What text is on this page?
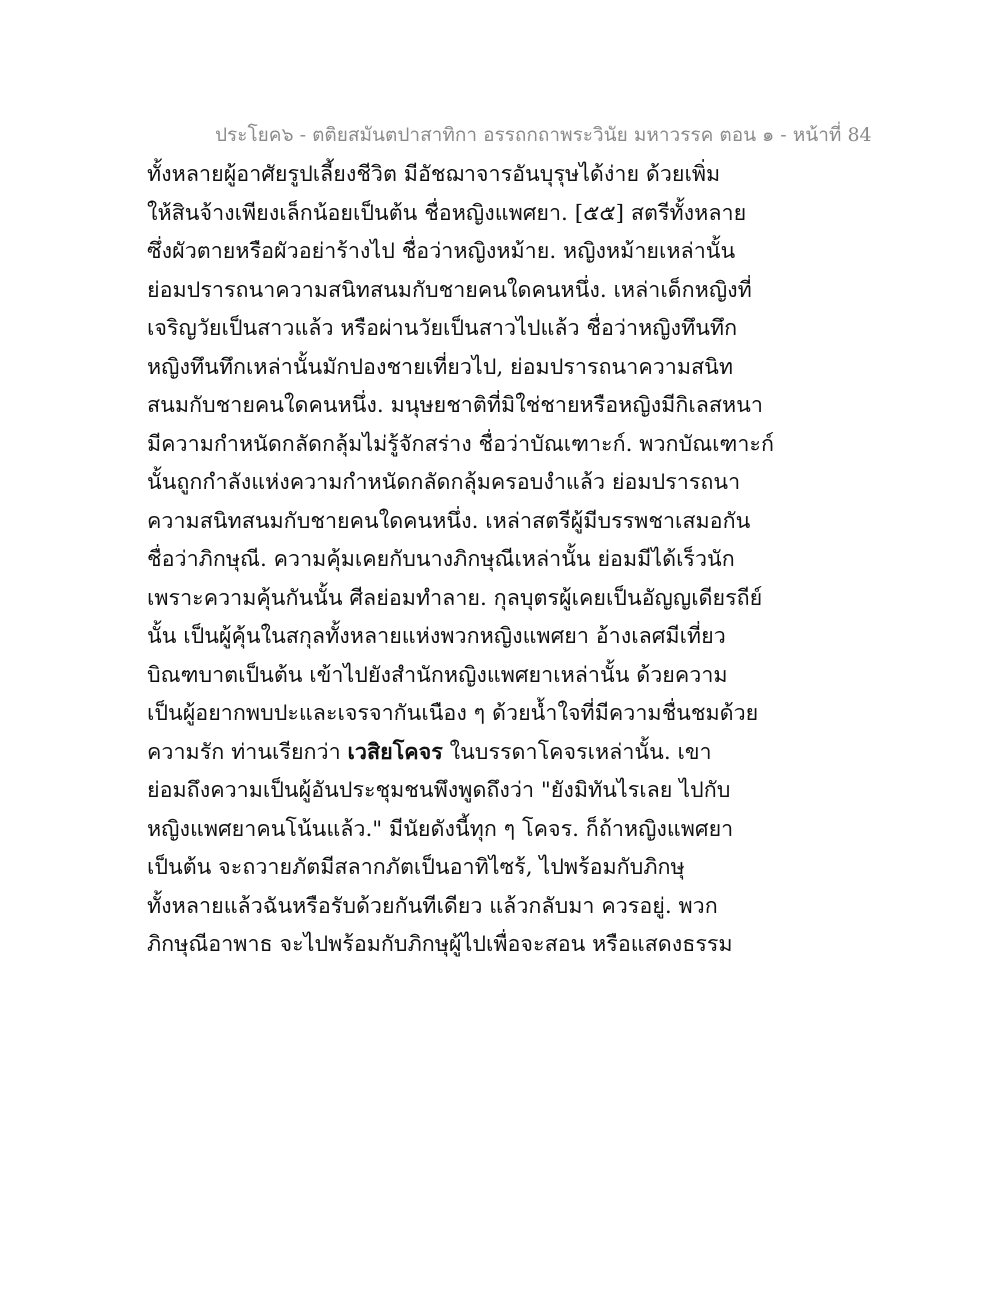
ประโยค๖ - ตติยสมันตปาสาทิกา อรรถกถาพระวินัย มหาวรรค ตอน ๑ - หน้าที่ 84
ทั้งหลายผู้อาศัยรูปเลี้ยงชีวิต มีอัชฌาจารอันบุรุษได้ง่าย ด้วยเพิ่ม
ให้สินจ้างเพียงเล็กน้อยเป็นต้น ชื่อหญิงแพศยา. [๕๕] สตรีทั้งหลาย
ซึ่งผัวตายหรือผัวอย่าร้างไป ชื่อว่าหญิงหม้าย. หญิงหม้ายเหล่านั้น
ย่อมปรารถนาความสนิทสนมกับชายคนใดคนหนึ่ง. เหล่าเด็กหญิงที่
เจริญวัยเป็นสาวแล้ว หรือผ่านวัยเป็นสาวไปแล้ว ชื่อว่าหญิงทึนทึก
หญิงทึนทึกเหล่านั้นมักปองชายเที่ยวไป, ย่อมปรารถนาความสนิท
สนมกับชายคนใดคนหนึ่ง. มนุษยชาติที่มิใช่ชายหรือหญิงมีกิเลสหนา
มีความกำหนัดกลัดกลุ้มไม่รู้จักสร่าง ชื่อว่าบัณเฑาะก์. พวกบัณเฑาะก์
นั้นถูกกำลังแห่งความกำหนัดกลัดกลุ้มครอบงำแล้ว ย่อมปรารถนา
ความสนิทสนมกับชายคนใดคนหนึ่ง. เหล่าสตรีผู้มีบรรพชาเสมอกัน
ชื่อว่าภิกษุณี. ความคุ้มเคยกับนางภิกษุณีเหล่านั้น ย่อมมีได้เร็วนัก
เพราะความคุ้นกันนั้น ศีลย่อมทำลาย. กุลบุตรผู้เคยเป็นอัญญเดียรถีย์
นั้น เป็นผู้คุ้นในสกุลทั้งหลายแห่งพวกหญิงแพศยา อ้างเลศมีเที่ยว
บิณฑบาตเป็นต้น เข้าไปยังสำนักหญิงแพศยาเหล่านั้น ด้วยความ
เป็นผู้อยากพบปะและเจรจากันเนือง ๆ ด้วยน้ำใจที่มีความชื่นชมด้วย
ความรัก ท่านเรียกว่า เวสิยโคจร ในบรรดาโคจรเหล่านั้น. เขา
ย่อมถึงความเป็นผู้อันประชุมชนพึงพูดถึงว่า "ยังมิทันไรเลย ไปกับ
หญิงแพศยาคนโน้นแล้ว." มีนัยดังนี้ทุก ๆ โคจร. ก็ถ้าหญิงแพศยา
เป็นต้น จะถวายภัตมีสลากภัตเป็นอาทิไซร้, ไปพร้อมกับภิกษุ
ทั้งหลายแล้วฉันหรือรับด้วยกันทีเดียว แล้วกลับมา ควรอยู่. พวก
ภิกษุณีอาพาธ จะไปพร้อมกับภิกษุผู้ไปเพื่อจะสอน หรือแสดงธรรม
